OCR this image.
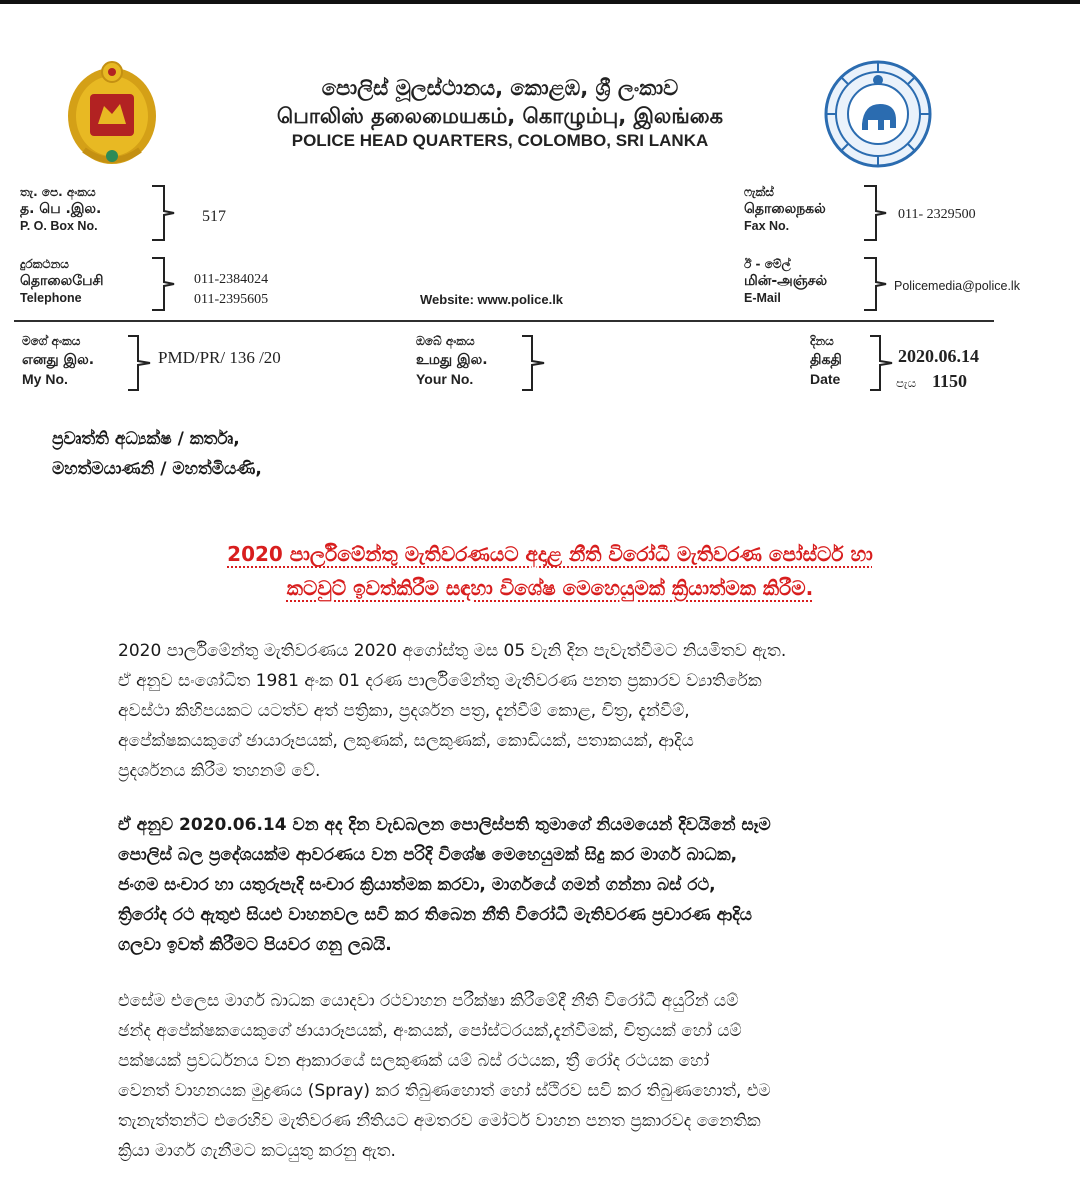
පොලිස් මූලස්ථානය, කොළඹ, ශ්‍රී ලංකාව
பொலிஸ் தலைமையகம், கொழும்பு, இலங்கை
POLICE HEAD QUARTERS, COLOMBO, SRI LANKA
තැ. පෙ. අංකය
த. பெ .இல.
P. O. Box No.
517
ෆැක්ස්
தொலைநகல்
Fax No.
011- 2329500
දුරකථනය
தொலைபேசி
Telephone
011-2384024
011-2395605	Website: www.police.lk
ඊ - මේල්
மின்-அஞ்சல்
E-Mail
Policemedia@police.lk
මගේ අංකය
எனது இல.
My No.
PMD/PR/ 136 /20
ඔබේ අංකය
உமது இல.
Your No.
දිනය
திகதி
Date
2020.06.14
පැය 1150
ප්‍රවෘත්ති අධ්‍යක්ෂ / කර්තෘ,
මහත්මයාණනි / මහත්මියණි,
2020 පාර්ලිමේන්තු මැතිවරණයට අදාළ නීති විරෝධී මැතිවරණ පෝස්ටර් හා
කටවුට් ඉවත්කිරීම සඳහා විශේෂ මෙහෙයුමක් ක්‍රියාත්මක කිරීම.
2020 පාර්ලිමේන්තු මැතිවරණය 2020 අගෝස්තු මස 05 වැනි දින පැවැත්වීමට නියමිතව ඇත.
ඒ අනුව සංශෝධිත 1981 අංක 01 දරණ පාර්ලිමේන්තු මැතිවරණ පනත ප්‍රකාරව ව්‍යාතිරේක
අවස්ථා කිහිපයකට යටත්ව අත් පත්‍රිකා, ප්‍රදර්ශන පත්‍ර, දැන්වීම් කොළ, චිත්‍ර, දැන්වීම්,
අපේක්ෂකයකුගේ ඡායාරූපයක්, ලකුණක්, සලකුණක්, කොඩියක්, පතාකයක්, ආදිය
ප්‍රදර්ශනය කිරීම තහනම් වේ.
ඒ අනුව 2020.06.14 වන අද දින වැඩබලන පොලිස්පති තුමාගේ නියමයෙන් දිවයිනේ සෑම
පොලිස් බල ප්‍රදේශයක්ම ආවරණය වන පරිදි විශේෂ මෙහෙයුමක් සිදු කර මාර්ග බාධක,
ජංගම සංචාර හා යතුරුපැදි සංචාර ක්‍රියාත්මක කරවා, මාර්ගයේ ගමන් ගන්නා බස් රථ,
ත්‍රිරෝද රථ ඇතුළු සියළු වාහනවල සවි කර තිබෙන නීති විරෝධී මැතිවරණ ප්‍රචාරණ ආදිය
ගලවා ඉවත් කිරීමට පියවර ගනු ලබයි.
එසේම එලෙස මාර්ග බාධක යොදවා රථවාහන පරීක්ෂා කිරීමේදී නීති විරෝධී අයුරින් යම්
ඡන්ද අපේක්ෂකයෙකුගේ ඡායාරූපයක්, අංකයක්, පෝස්ටරයක්,දැන්වීමක්, චිත්‍රයක් හෝ යම්
පක්ෂයක් ප්‍රවර්ධනය වන ආකාරයේ සලකුණක් යම් බස් රථයක, ත්‍රී රෝද රථයක හෝ
වෙනත් වාහනයක මුද්‍රණය (Spray) කර තිබුණහොත් හෝ ස්ථිරව සවි කර තිබුණහොත්, එම
තැනැත්තන්ට එරෙහිව මැතිවරණ නීතියට අමතරව මෝටර් වාහන පනත ප්‍රකාරවද නෛතික
ක්‍රියා මාර්ග ගැනීමට කටයුතු කරනු ඇත.
